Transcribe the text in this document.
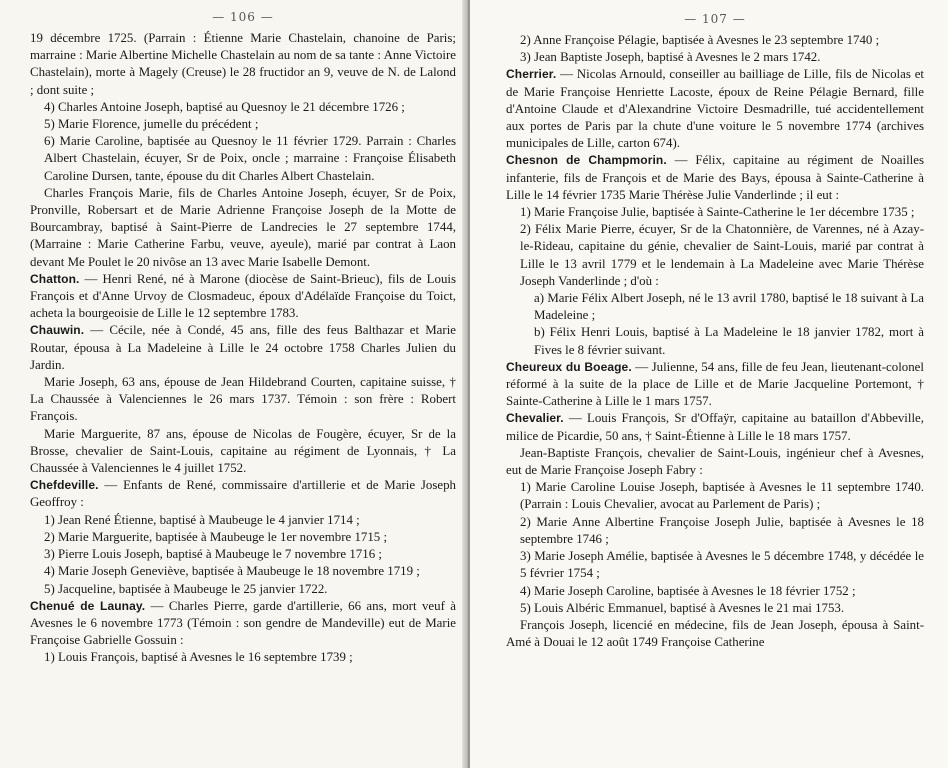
— 106 —

19 décembre 1725. (Parrain : Étienne Marie Chastelain, chanoine de Paris; marraine : Marie Albertine Michelle Chastelain au nom de sa tante : Anne Victoire Chastelain), morte à Magely (Creuse) le 28 fructidor an 9, veuve de N. de Lalond ; dont suite ;

4) Charles Antoine Joseph, baptisé au Quesnoy le 21 décembre 1726 ;

5) Marie Florence, jumelle du précédent ;

6) Marie Caroline, baptisée au Quesnoy le 11 février 1729. Parrain : Charles Albert Chastelain, écuyer, Sr de Poix, oncle ; marraine : Françoise Élisabeth Caroline Dursen, tante, épouse du dit Charles Albert Chastelain.

Charles François Marie, fils de Charles Antoine Joseph, écuyer, Sr de Poix, Pronville, Robersart et de Marie Adrienne Françoise Joseph de la Motte de Bourcambray, baptisé à Saint-Pierre de Landrecies le 27 septembre 1744, (Marraine : Marie Catherine Farbu, veuve, ayeule), marié par contrat à Laon devant Me Poulet le 20 nivôse an 13 avec Marie Isabelle Demont.

Chatton. — Henri René, né à Marone (diocèse de Saint-Brieuc), fils de Louis François et d'Anne Urvoy de Closmadeuc, époux d'Adélaïde Françoise du Toict, acheta la bourgeoisie de Lille le 12 septembre 1783.

Chauwin. — Cécile, née à Condé, 45 ans, fille des feus Balthazar et Marie Routar, épousa à La Madeleine à Lille le 24 octobre 1758 Charles Julien du Jardin.

Marie Joseph, 63 ans, épouse de Jean Hildebrand Courten, capitaine suisse, † La Chaussée à Valenciennes le 26 mars 1737. Témoin : son frère : Robert François.

Marie Marguerite, 87 ans, épouse de Nicolas de Fougère, écuyer, Sr de la Brosse, chevalier de Saint-Louis, capitaine au régiment de Lyonnais, † La Chaussée à Valenciennes le 4 juillet 1752.

Chefdeville. — Enfants de René, commissaire d'artillerie et de Marie Joseph Geoffroy :

1) Jean René Étienne, baptisé à Maubeuge le 4 janvier 1714 ;

2) Marie Marguerite, baptisée à Maubeuge le 1er novembre 1715 ;

3) Pierre Louis Joseph, baptisé à Maubeuge le 7 novembre 1716 ;

4) Marie Joseph Geneviève, baptisée à Maubeuge le 18 novembre 1719 ;

5) Jacqueline, baptisée à Maubeuge le 25 janvier 1722.

Chenué de Launay. — Charles Pierre, garde d'artillerie, 66 ans, mort veuf à Avesnes le 6 novembre 1773 (Témoin : son gendre de Mandeville) eut de Marie Françoise Gabrielle Gossuin :

1) Louis François, baptisé à Avesnes le 16 septembre 1739 ;

— 107 —

2) Anne Françoise Pélagie, baptisée à Avesnes le 23 septembre 1740 ;

3) Jean Baptiste Joseph, baptisé à Avesnes le 2 mars 1742.

Cherrier. — Nicolas Arnould, conseiller au bailliage de Lille, fils de Nicolas et de Marie Françoise Henriette Lacoste, époux de Reine Pélagie Bernard, fille d'Antoine Claude et d'Alexandrine Victoire Desmadrille, tué accidentellement aux portes de Paris par la chute d'une voiture le 5 novembre 1774 (archives municipales de Lille, carton 674).

Chesnon de Champmorin. — Félix, capitaine au régiment de Noailles infanterie, fils de François et de Marie des Bays, épousa à Sainte-Catherine à Lille le 14 février 1735 Marie Thérèse Julie Vanderlinde ; il eut :

1) Marie Françoise Julie, baptisée à Sainte-Catherine le 1er décembre 1735 ;

2) Félix Marie Pierre, écuyer, Sr de la Chatonnière, de Varennes, né à Azay-le-Rideau, capitaine du génie, chevalier de Saint-Louis, marié par contrat à Lille le 13 avril 1779 et le lendemain à La Madeleine avec Marie Thérèse Joseph Vanderlinde ; d'où :

a) Marie Félix Albert Joseph, né le 13 avril 1780, baptisé le 18 suivant à La Madeleine ;

b) Félix Henri Louis, baptisé à La Madeleine le 18 janvier 1782, mort à Fives le 8 février suivant.

Cheureux du Boeage. — Julienne, 54 ans, fille de feu Jean, lieutenant-colonel réformé à la suite de la place de Lille et de Marie Jacqueline Portemont, † Sainte-Catherine à Lille le 1 mars 1757.

Chevalier. — Louis François, Sr d'Offaÿr, capitaine au bataillon d'Abbeville, milice de Picardie, 50 ans, † Saint-Étienne à Lille le 18 mars 1757.

Jean-Baptiste François, chevalier de Saint-Louis, ingénieur chef à Avesnes, eut de Marie Françoise Joseph Fabry :

1) Marie Caroline Louise Joseph, baptisée à Avesnes le 11 septembre 1740. (Parrain : Louis Chevalier, avocat au Parlement de Paris) ;

2) Marie Anne Albertine Françoise Joseph Julie, baptisée à Avesnes le 18 septembre 1746 ;

3) Marie Joseph Amélie, baptisée à Avesnes le 5 décembre 1748, y décédée le 5 février 1754 ;

4) Marie Joseph Caroline, baptisée à Avesnes le 18 février 1752 ;

5) Louis Albéric Emmanuel, baptisé à Avesnes le 21 mai 1753.

François Joseph, licencié en médecine, fils de Jean Joseph, épousa à Saint-Amé à Douai le 12 août 1749 Françoise Catherine
